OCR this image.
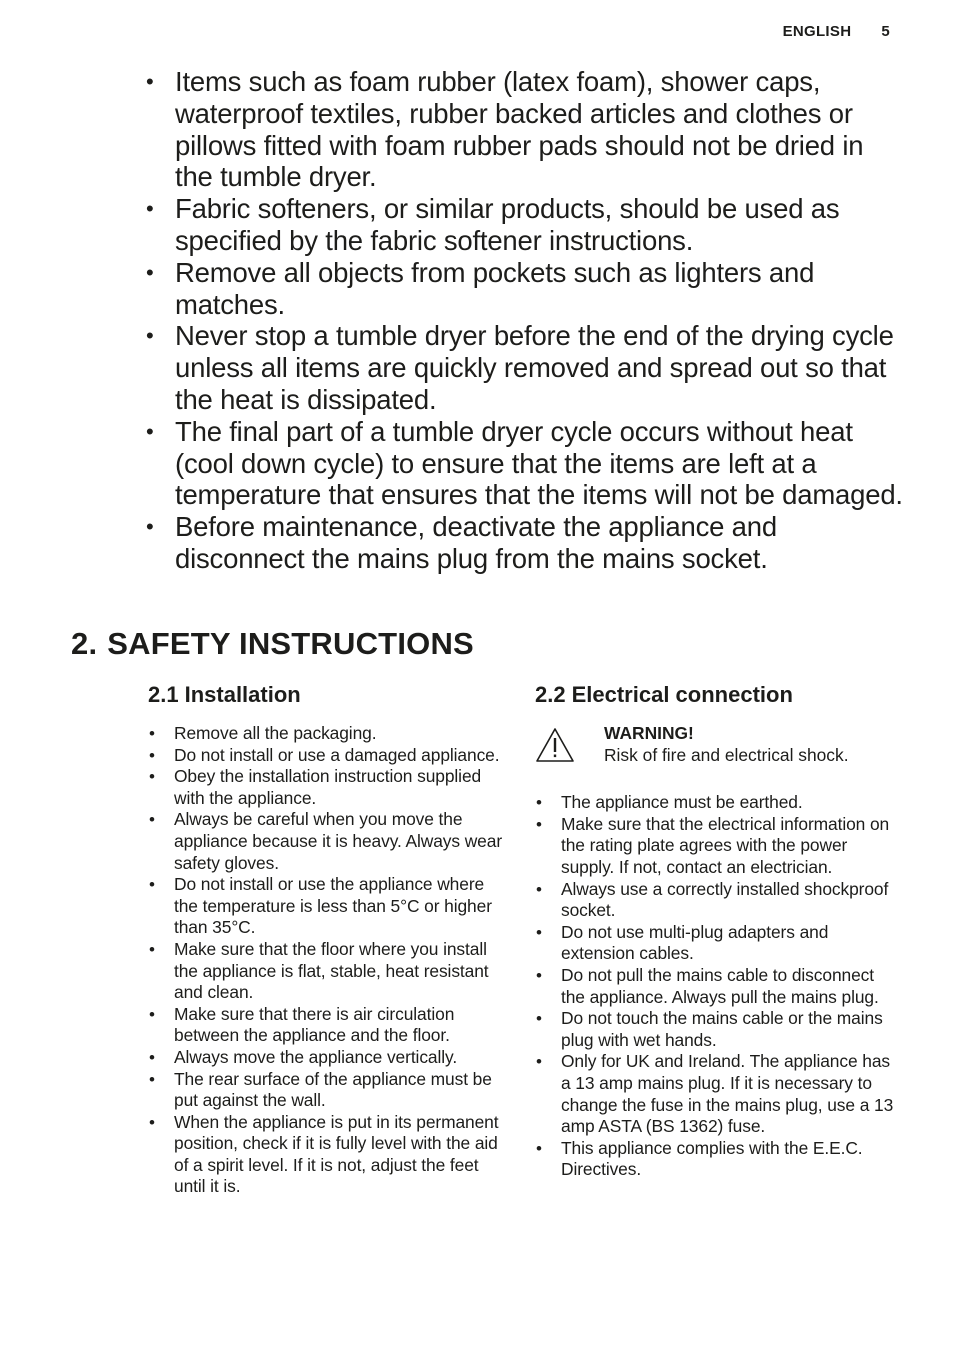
ENGLISH 5
• Items such as foam rubber (latex foam), shower caps, waterproof textiles, rubber backed articles and clothes or pillows fitted with foam rubber pads should not be dried in the tumble dryer.
• Fabric softeners, or similar products, should be used as specified by the fabric softener instructions.
• Remove all objects from pockets such as lighters and matches.
• Never stop a tumble dryer before the end of the drying cycle unless all items are quickly removed and spread out so that the heat is dissipated.
• The final part of a tumble dryer cycle occurs without heat (cool down cycle) to ensure that the items are left at a temperature that ensures that the items will not be damaged.
• Before maintenance, deactivate the appliance and disconnect the mains plug from the mains socket.
2. SAFETY INSTRUCTIONS
2.1 Installation
• Remove all the packaging.
• Do not install or use a damaged appliance.
• Obey the installation instruction supplied with the appliance.
• Always be careful when you move the appliance because it is heavy. Always wear safety gloves.
• Do not install or use the appliance where the temperature is less than 5°C or higher than 35°C.
• Make sure that the floor where you install the appliance is flat, stable, heat resistant and clean.
• Make sure that there is air circulation between the appliance and the floor.
• Always move the appliance vertically.
• The rear surface of the appliance must be put against the wall.
• When the appliance is put in its permanent position, check if it is fully level with the aid of a spirit level. If it is not, adjust the feet until it is.
2.2 Electrical connection
WARNING!
Risk of fire and electrical shock.
• The appliance must be earthed.
• Make sure that the electrical information on the rating plate agrees with the power supply. If not, contact an electrician.
• Always use a correctly installed shockproof socket.
• Do not use multi-plug adapters and extension cables.
• Do not pull the mains cable to disconnect the appliance. Always pull the mains plug.
• Do not touch the mains cable or the mains plug with wet hands.
• Only for UK and Ireland. The appliance has a 13 amp mains plug. If it is necessary to change the fuse in the mains plug, use a 13 amp ASTA (BS 1362) fuse.
• This appliance complies with the E.E.C. Directives.
